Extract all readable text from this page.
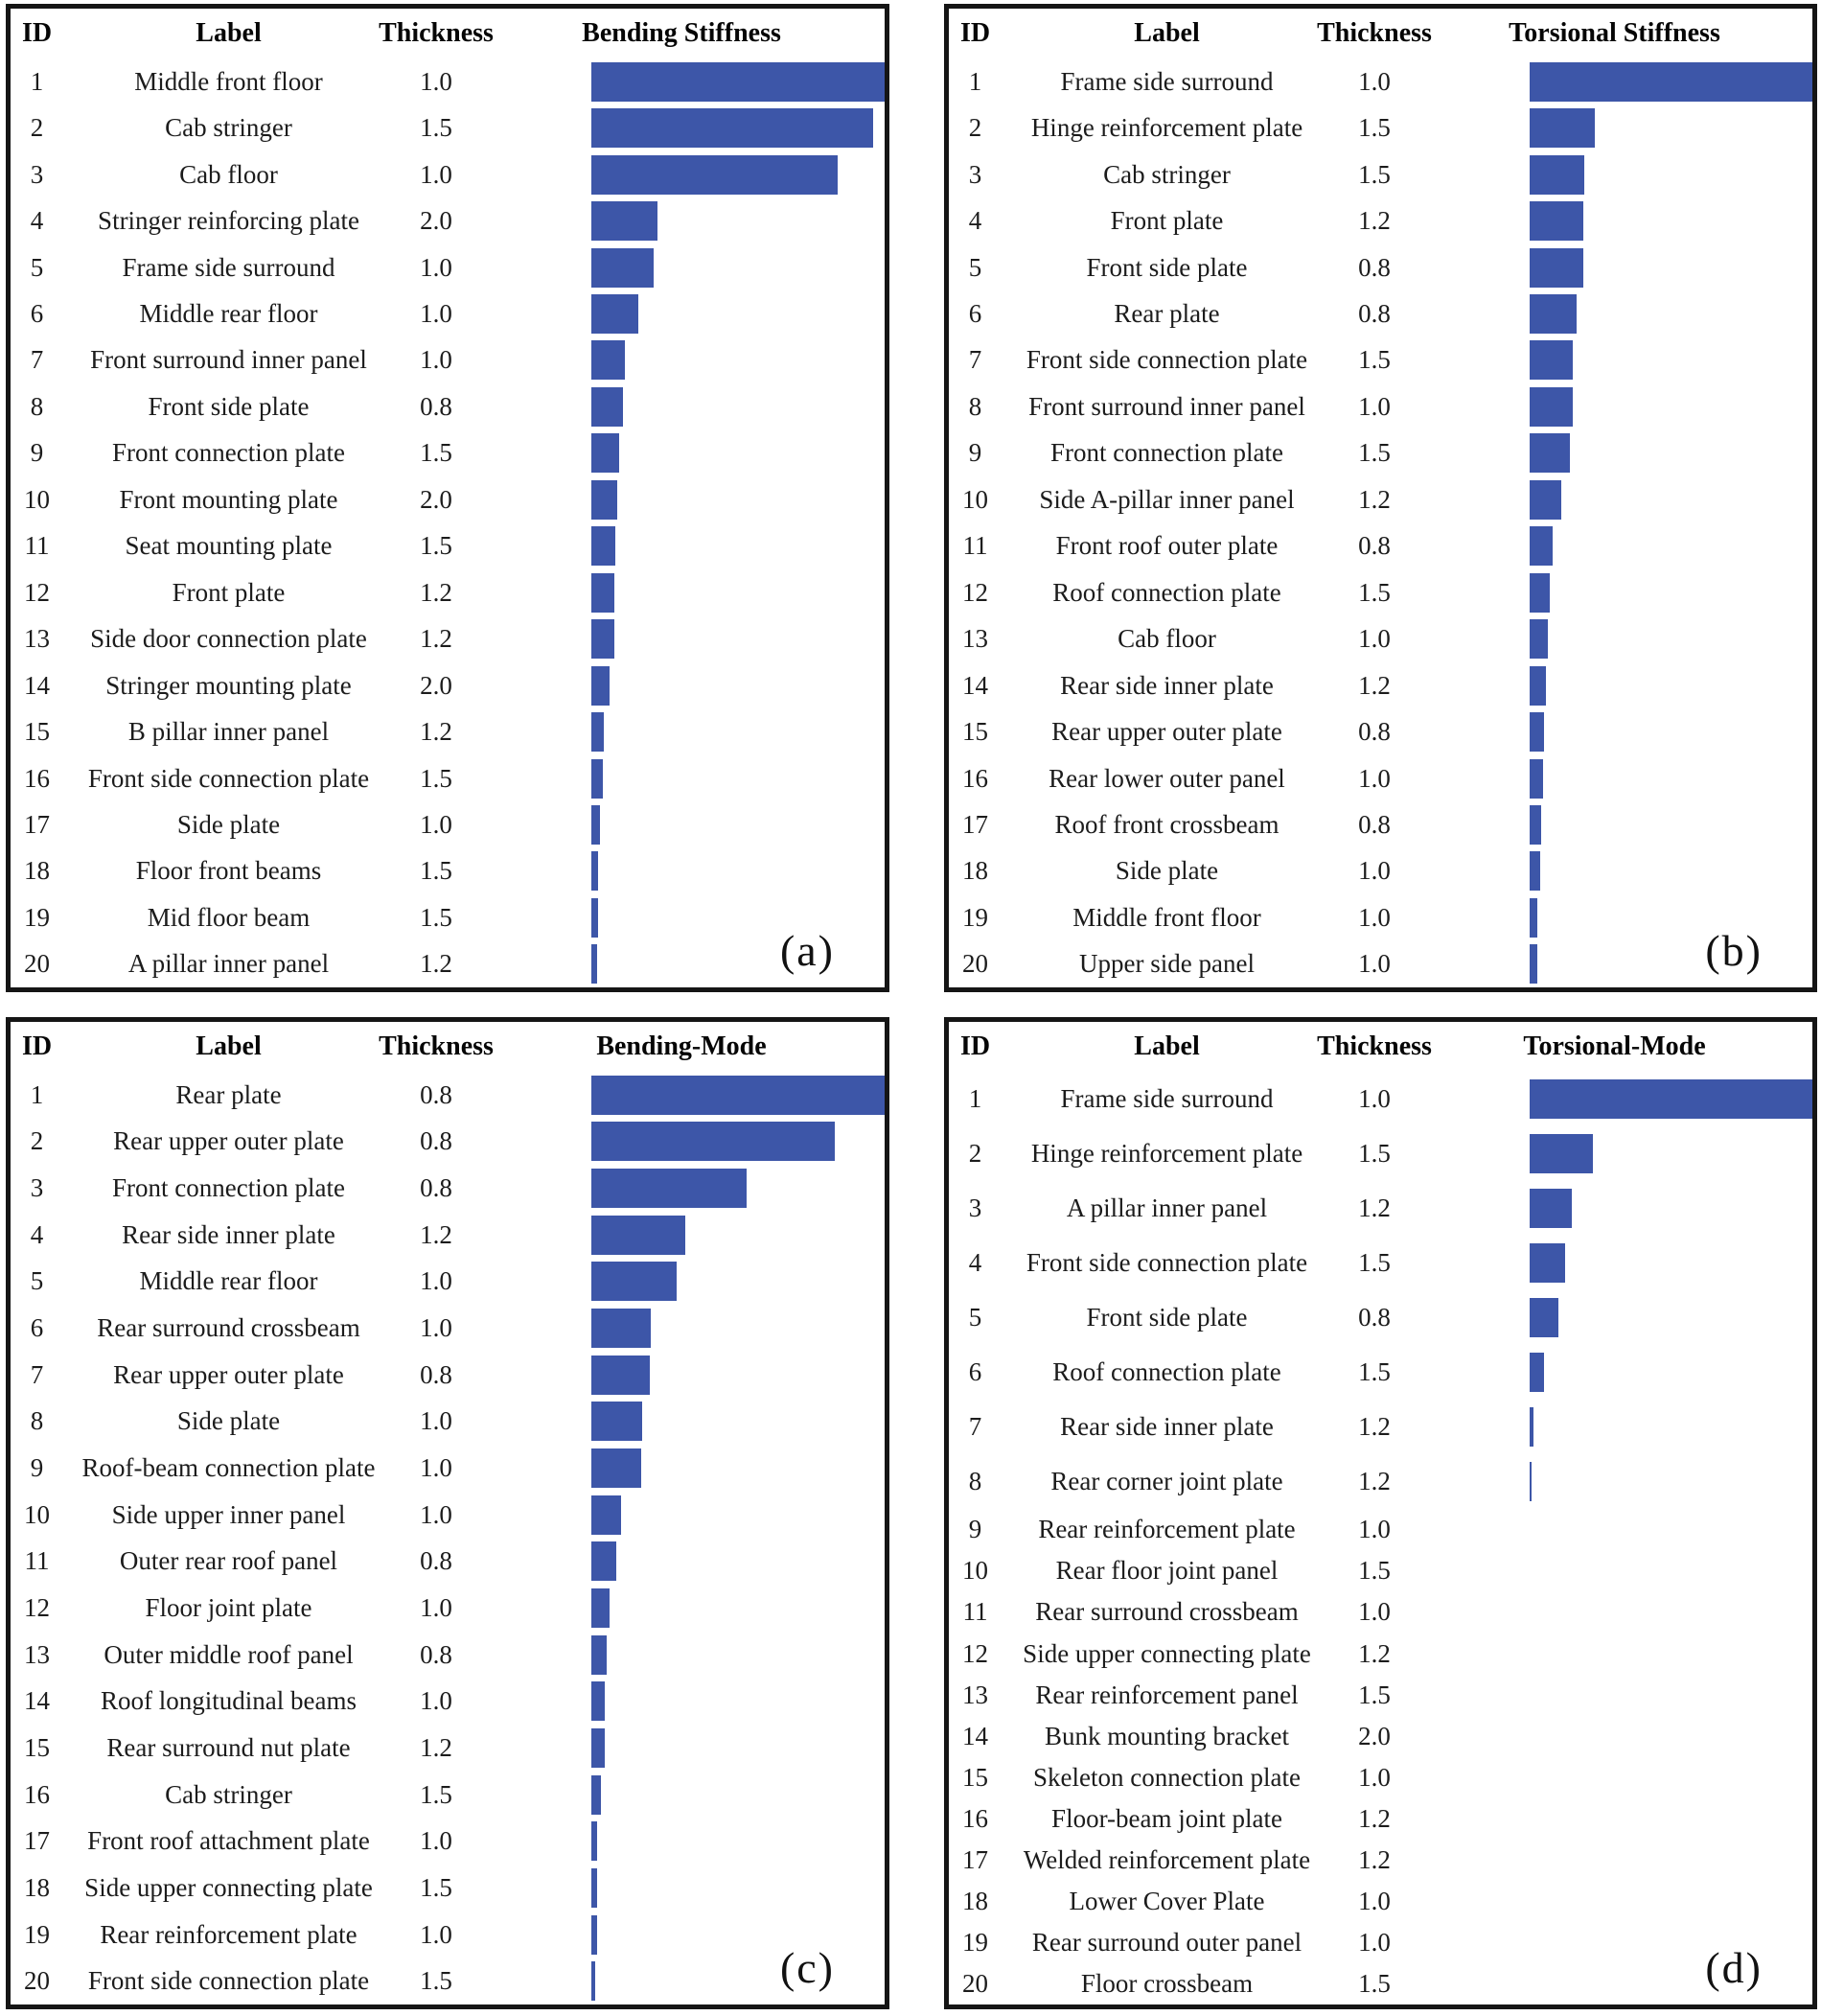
ID	Label	Thickness	Bending Stiffness
1	Middle front floor	1.0
2	Cab stringer	1.5
3	Cab floor	1.0
4	Stringer reinforcing plate	2.0
5	Frame side surround	1.0
6	Middle rear floor	1.0
7	Front surround inner panel	1.0
8	Front side plate	0.8
9	Front connection plate	1.5
10	Front mounting plate	2.0
11	Seat mounting plate	1.5
12	Front plate	1.2
13	Side door connection plate	1.2
14	Stringer mounting plate	2.0
15	B pillar inner panel	1.2
16	Front side connection plate	1.5
17	Side plate	1.0
18	Floor front beams	1.5
19	Mid floor beam	1.5
20	A pillar inner panel	1.2	(a)
ID	Label	Thickness	Torsional Stiffness
1	Frame side surround	1.0
2	Hinge reinforcement plate	1.5
3	Cab stringer	1.5
4	Front plate	1.2
5	Front side plate	0.8
6	Rear plate	0.8
7	Front side connection plate	1.5
8	Front surround inner panel	1.0
9	Front connection plate	1.5
10	Side A-pillar inner panel	1.2
11	Front roof outer plate	0.8
12	Roof connection plate	1.5
13	Cab floor	1.0
14	Rear side inner plate	1.2
15	Rear upper outer plate	0.8
16	Rear lower outer panel	1.0
17	Roof front crossbeam	0.8
18	Side plate	1.0
19	Middle front floor	1.0
20	Upper side panel	1.0	(b)
ID	Label	Thickness	Bending-Mode
1	Rear plate	0.8
2	Rear upper outer plate	0.8
3	Front connection plate	0.8
4	Rear side inner plate	1.2
5	Middle rear floor	1.0
6	Rear surround crossbeam	1.0
7	Rear upper outer plate	0.8
8	Side plate	1.0
9	Roof-beam connection plate	1.0
10	Side upper inner panel	1.0
11	Outer rear roof panel	0.8
12	Floor joint plate	1.0
13	Outer middle roof panel	0.8
14	Roof longitudinal beams	1.0
15	Rear surround nut plate	1.2
16	Cab stringer	1.5
17	Front roof attachment plate	1.0
18	Side upper connecting plate	1.5
19	Rear reinforcement plate	1.0
20	Front side connection plate	1.5	(c)
ID	Label	Thickness	Torsional-Mode
1	Frame side surround	1.0
2	Hinge reinforcement plate	1.5
3	A pillar inner panel	1.2
4	Front side connection plate	1.5
5	Front side plate	0.8
6	Roof connection plate	1.5
7	Rear side inner plate	1.2
8	Rear corner joint plate	1.2
9	Rear reinforcement plate	1.0
10	Rear floor joint panel	1.5
11	Rear surround crossbeam	1.0
12	Side upper connecting plate	1.2
13	Rear reinforcement panel	1.5
14	Bunk mounting bracket	2.0
15	Skeleton connection plate	1.0
16	Floor-beam joint plate	1.2
17	Welded reinforcement plate	1.2
18	Lower Cover Plate	1.0
19	Rear surround outer panel	1.0
20	Floor crossbeam	1.5	(d)
